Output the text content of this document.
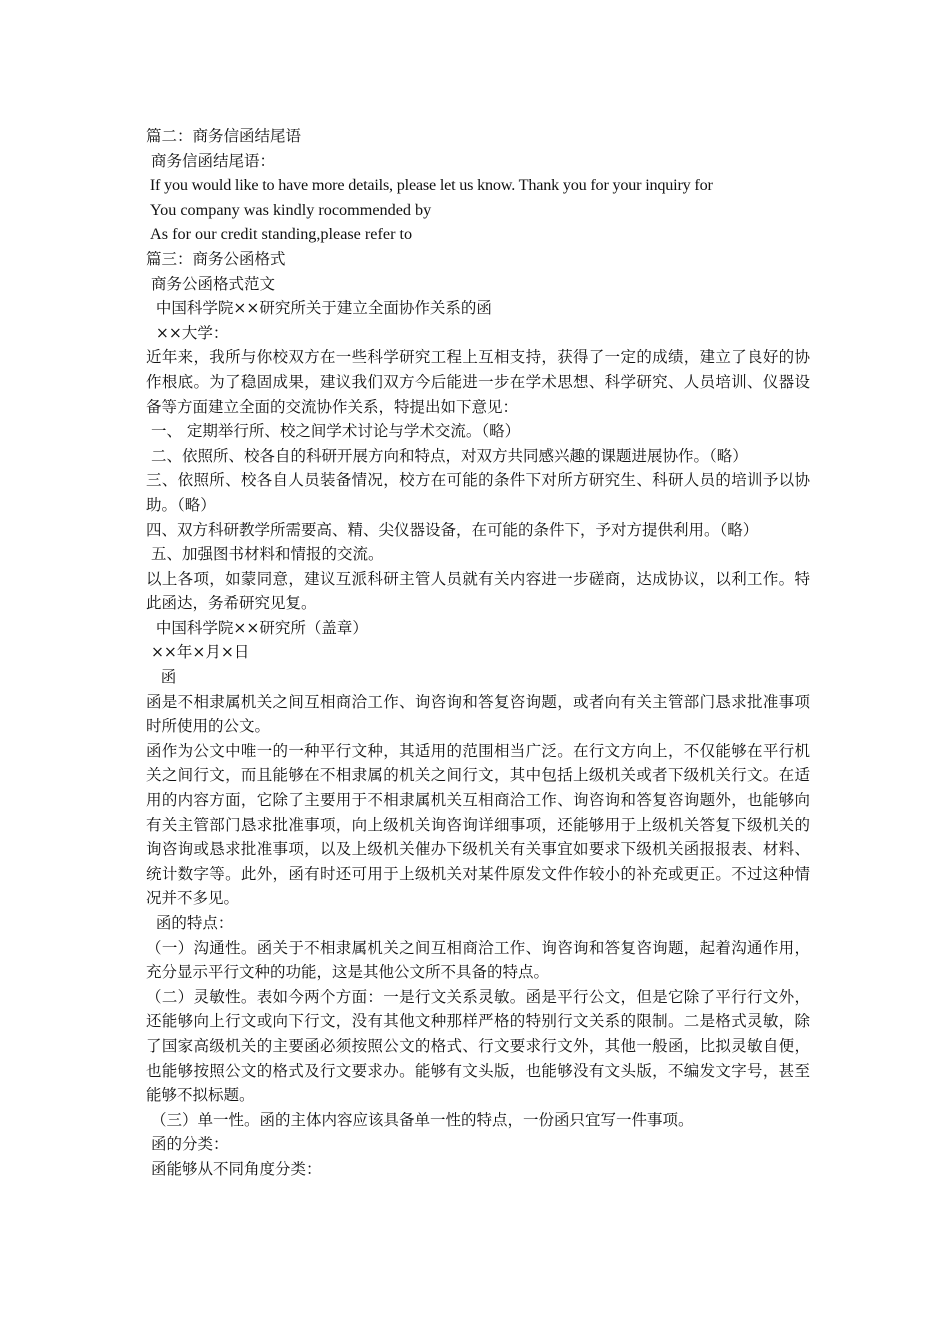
篇二：商务信函结尾语

商务信函结尾语：

If you would like to have more details, please let us know. Thank you for your inquiry for

You company was kindly rocommended by

As for our credit standing,please refer to

篇三：商务公函格式

商务公函格式范文

中国科学院××研究所关于建立全面协作关系的函

××大学：

近年来，我所与你校双方在一些科学研究工程上互相支持，获得了一定的成绩，建立了良好的协作根底。为了稳固成果，建议我们双方今后能进一步在学术思想、科学研究、人员培训、仪器设备等方面建立全面的交流协作关系，特提出如下意见：

一、 定期举行所、校之间学术讨论与学术交流。（略）

二、依照所、校各自的科研开展方向和特点，对双方共同感兴趣的课题进展协作。（略）

三、依照所、校各自人员装备情况，校方在可能的条件下对所方研究生、科研人员的培训予以协助。（略）

四、双方科研教学所需要高、精、尖仪器设备，在可能的条件下，予对方提供利用。（略）

五、加强图书材料和情报的交流。

以上各项，如蒙同意，建议互派科研主管人员就有关内容进一步磋商，达成协议，以利工作。特此函达，务希研究见复。

中国科学院××研究所（盖章）

××年×月×日

函

函是不相隶属机关之间互相商洽工作、询咨询和答复咨询题，或者向有关主管部门恳求批准事项时所使用的公文。

函作为公文中唯一的一种平行文种，其适用的范围相当广泛。在行文方向上，不仅能够在平行机关之间行文，而且能够在不相隶属的机关之间行文，其中包括上级机关或者下级机关行文。在适用的内容方面，它除了主要用于不相隶属机关互相商洽工作、询咨询和答复咨询题外，也能够向有关主管部门恳求批准事项，向上级机关询咨询详细事项，还能够用于上级机关答复下级机关的询咨询或恳求批准事项，以及上级机关催办下级机关有关事宜如要求下级机关函报报表、材料、统计数字等。此外，函有时还可用于上级机关对某件原发文件作较小的补充或更正。不过这种情况并不多见。

函的特点：

（一）沟通性。函关于不相隶属机关之间互相商洽工作、询咨询和答复咨询题，起着沟通作用，充分显示平行文种的功能，这是其他公文所不具备的特点。

（二）灵敏性。表如今两个方面：一是行文关系灵敏。函是平行公文，但是它除了平行行文外，还能够向上行文或向下行文，没有其他文种那样严格的特别行文关系的限制。二是格式灵敏，除了国家高级机关的主要函必须按照公文的格式、行文要求行文外，其他一般函，比拟灵敏自便，也能够按照公文的格式及行文要求办。能够有文头版，也能够没有文头版，不编发文字号，甚至能够不拟标题。

（三）单一性。函的主体内容应该具备单一性的特点，一份函只宜写一件事项。

函的分类：

函能够从不同角度分类：
